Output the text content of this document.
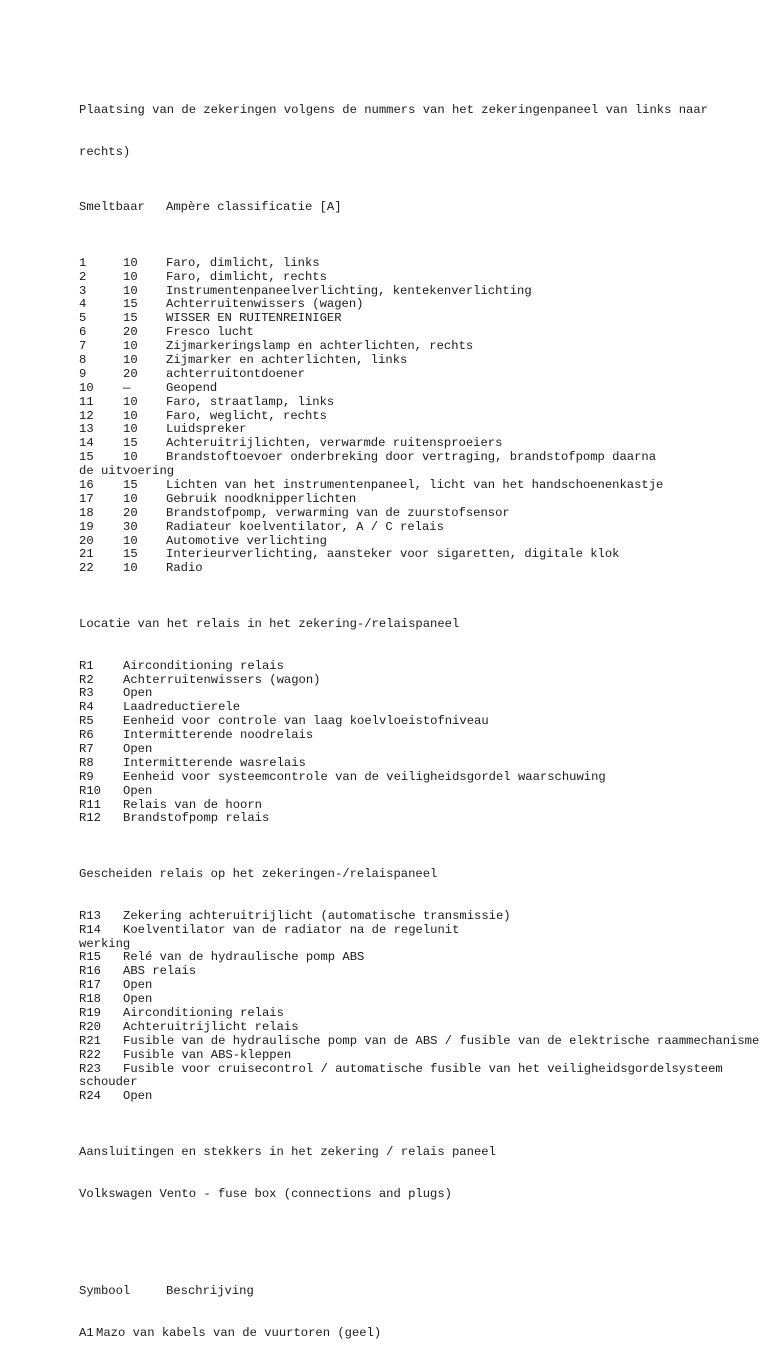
Plaatsing van de zekeringen volgens de nummers van het zekeringenpaneel van links naar

rechts)

Smeltbaar Ampère classificatie [A]

1	10 Faro, dimlicht, links
2	10 Faro, dimlicht, rechts
3	10 Instrumentenpaneelverlichting, kentekenverlichting
4	15 Achterruitenwissers (wagen)
5	15 WISSER EN RUITENREINIGER
6	20 Fresco lucht
7	10 Zijmarkeringslamp en achterlichten, rechts
8	10 Zijmarker en achterlichten, links
9	20 achterruitontdoener
10 —	Geopend
11 10 Faro, straatlamp, links
12 10 Faro, weglicht, rechts
13 10 Luidspreker
14 15 Achteruitrijlichten, verwarmde ruitensproeiers
15 10 Brandstoftoevoer onderbreking door vertraging, brandstofpomp daarna
de uitvoering
16 15 Lichten van het instrumentenpaneel, licht van het handschoenenkastje
17 10 Gebruik noodknipperlichten
18 20 Brandstofpomp, verwarming van de zuurstofsensor
19 30 Radiateur koelventilator, A / C relais
20 10 Automotive verlichting
21 15 Interieurverlichting, aansteker voor sigaretten, digitale klok
22 10 Radio

Locatie van het relais in het zekering-/relaispaneel

R1 Airconditioning relais
R2 Achterruitenwissers (wagon)
R3 Open
R4 Laadreductierele
R5 Eenheid voor controle van laag koelvloeistofniveau
R6 Intermitterende noodrelais
R7 Open
R8 Intermitterende wasrelais
R9 Eenheid voor systeemcontrole van de veiligheidsgordel waarschuwing
R10 Open
R11 Relais van de hoorn
R12 Brandstofpomp relais

Gescheiden relais op het zekeringen-/relaispaneel

R13 Zekering achteruitrijlicht (automatische transmissie)
R14 Koelventilator van de radiator na de regelunit
werking
R15 Relé van de hydraulische pomp ABS
R16 ABS relais
R17 Open
R18 Open
R19 Airconditioning relais
R20 Achteruitrijlicht relais
R21 Fusible van de hydraulische pomp van de ABS / fusible van de elektrische raammechanisme
R22 Fusible van ABS-kleppen
R23 Fusible voor cruisecontrol / automatische fusible van het veiligheidsgordelsysteem
schouder
R24 Open

Aansluitingen en stekkers in het zekering / relais paneel

Volkswagen Vento - fuse box (connections and plugs)

Symbool	Beschrijving

A1 Mazo van kabels van de vuurtoren (geel)
